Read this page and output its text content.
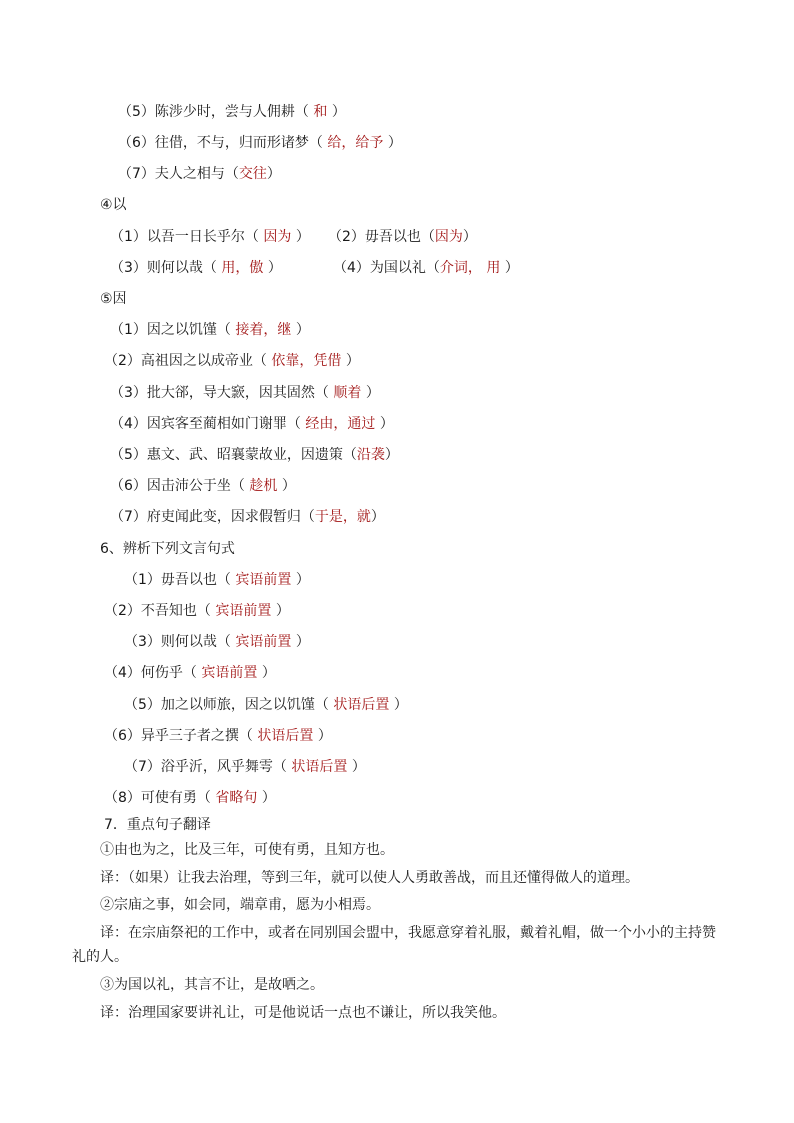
（5）陈涉少时，尝与人佣耕（ 和 ）
（6）往借，不与，归而形诸梦（ 给，给予 ）
（7）夫人之相与（交往）
④以
（1）以吾一日长乎尔（ 因为 ） （2）毋吾以也（因为）
（3）则何以哉（ 用，傲 ）	（4）为国以礼（介词， 用 ）
⑤因
（1）因之以饥馑（ 接着，继 ）
（2）高祖因之以成帝业（ 依靠，凭借 ）
（3）批大郤，导大窾，因其固然（ 顺着 ）
（4）因宾客至蔺相如门谢罪（ 经由，通过 ）
（5）惠文、武、昭襄蒙故业，因遗策（沿袭）
（6）因击沛公于坐（ 趁机 ）
（7）府吏闻此变，因求假暂归（于是，就）
6、辨析下列文言句式
（1）毋吾以也（ 宾语前置 ）
（2）不吾知也（ 宾语前置 ）
（3）则何以哉（ 宾语前置 ）
（4）何伤乎（ 宾语前置 ）
（5）加之以师旅，因之以饥馑（ 状语后置 ）
（6）异乎三子者之撰（ 状语后置 ）
（7）浴乎沂，风乎舞雩（ 状语后置 ）
（8）可使有勇（ 省略句 ）
7．重点句子翻译
①由也为之，比及三年，可使有勇，且知方也。
译：（如果）让我去治理，等到三年，就可以使人人勇敢善战，而且还懂得做人的道理。
②宗庙之事，如会同，端章甫，愿为小相焉。
译：在宗庙祭祀的工作中，或者在同别国会盟中，我愿意穿着礼服，戴着礼帽，做一个小小的主持赞礼的人。
③为国以礼，其言不让，是故哂之。
译：治理国家要讲礼让，可是他说话一点也不谦让，所以我笑他。
